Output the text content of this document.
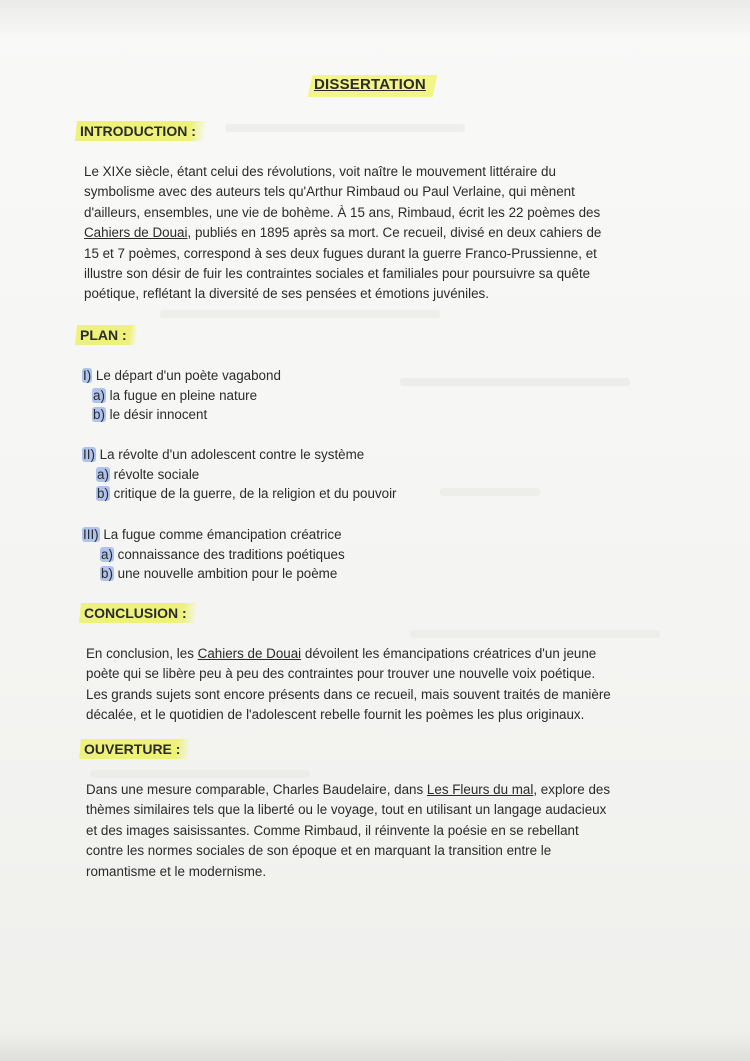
DISSERTATION
INTRODUCTION :
Le XIXe siècle, étant celui des révolutions, voit naître le mouvement littéraire du
symbolisme avec des auteurs tels qu'Arthur Rimbaud ou Paul Verlaine, qui mènent
d'ailleurs, ensembles, une vie de bohème. À 15 ans, Rimbaud, écrit les 22 poèmes des
Cahiers de Douai, publiés en 1895 après sa mort. Ce recueil, divisé en deux cahiers de
15 et 7 poèmes, correspond à ses deux fugues durant la guerre Franco-Prussienne, et
illustre son désir de fuir les contraintes sociales et familiales pour poursuivre sa quête
poétique, reflétant la diversité de ses pensées et émotions juvéniles.
PLAN :
I) Le départ d'un poète vagabond
a) la fugue en pleine nature
b) le désir innocent
II) La révolte d'un adolescent contre le système
a) révolte sociale
b) critique de la guerre, de la religion et du pouvoir
III) La fugue comme émancipation créatrice
a) connaissance des traditions poétiques
b) une nouvelle ambition pour le poème
CONCLUSION :
En conclusion, les Cahiers de Douai dévoilent les émancipations créatrices d'un jeune
poète qui se libère peu à peu des contraintes pour trouver une nouvelle voix poétique.
Les grands sujets sont encore présents dans ce recueil, mais souvent traités de manière
décalée, et le quotidien de l'adolescent rebelle fournit les poèmes les plus originaux.
OUVERTURE :
Dans une mesure comparable, Charles Baudelaire, dans Les Fleurs du mal, explore des
thèmes similaires tels que la liberté ou le voyage, tout en utilisant un langage audacieux
et des images saisissantes. Comme Rimbaud, il réinvente la poésie en se rebellant
contre les normes sociales de son époque et en marquant la transition entre le
romantisme et le modernisme.
